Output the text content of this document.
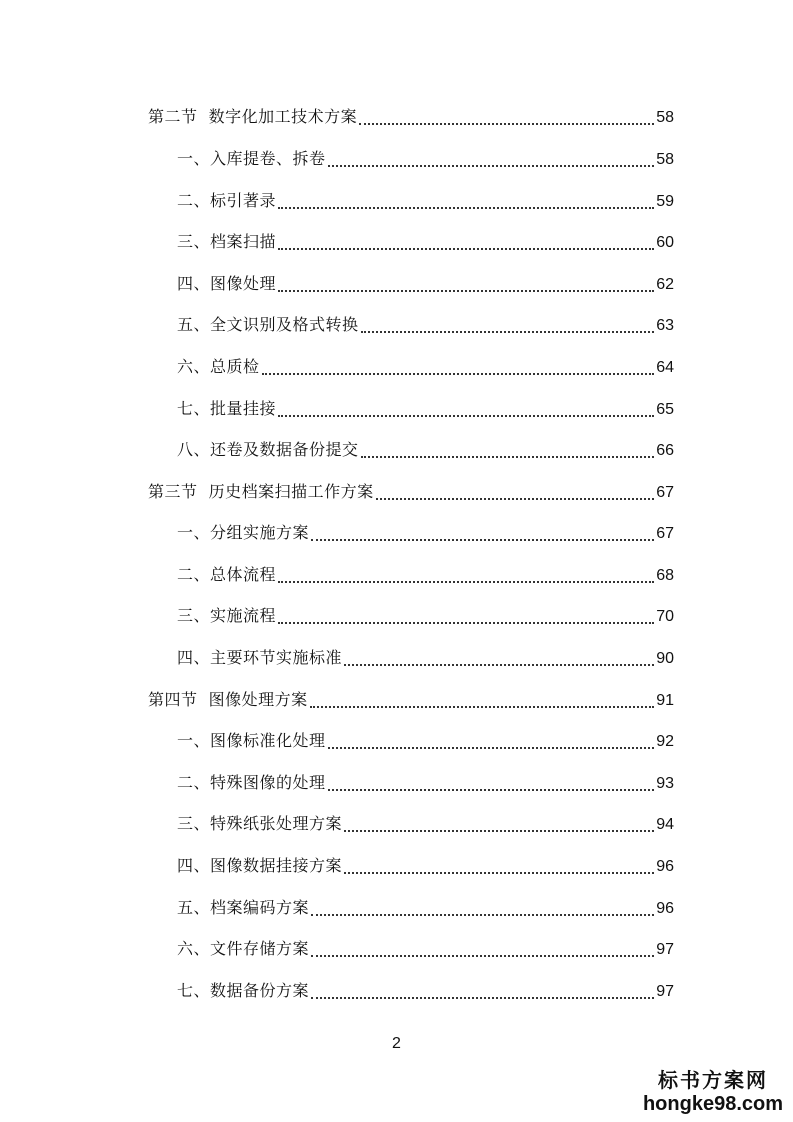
第二节  数字化加工技术方案	58
一、入库提卷、拆卷	58
二、标引著录	59
三、档案扫描	60
四、图像处理	62
五、全文识别及格式转换	63
六、总质检	64
七、批量挂接	65
八、还卷及数据备份提交	66
第三节  历史档案扫描工作方案	67
一、分组实施方案	67
二、总体流程	68
三、实施流程	70
四、主要环节实施标准	90
第四节  图像处理方案	91
一、图像标准化处理	92
二、特殊图像的处理	93
三、特殊纸张处理方案	94
四、图像数据挂接方案	96
五、档案编码方案	96
六、文件存储方案	97
七、数据备份方案	97
2
标书方案网
hongke98.com
